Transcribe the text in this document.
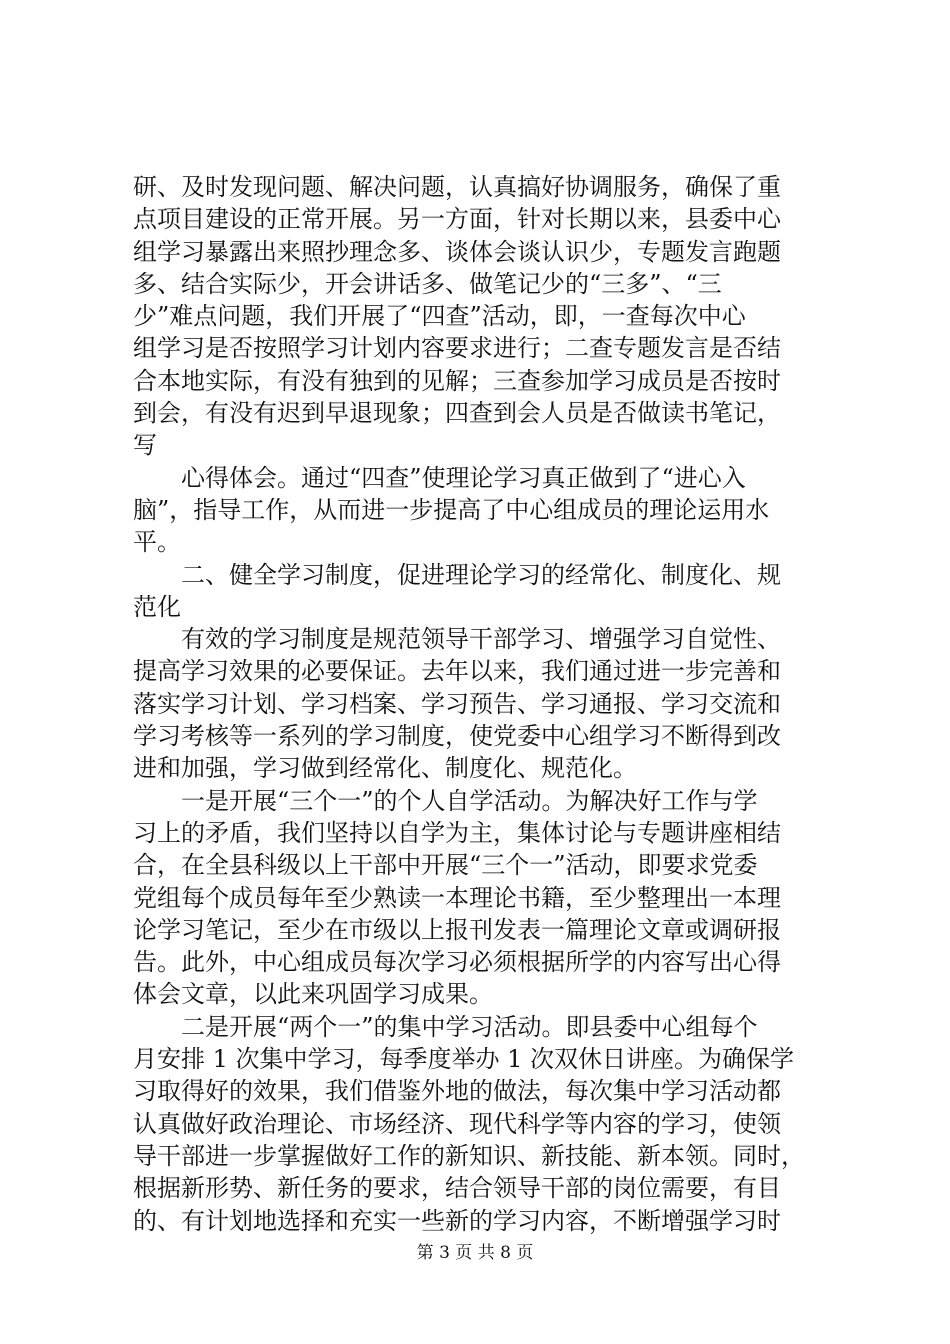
研、及时发现问题、解决问题，认真搞好协调服务，确保了重
点项目建设的正常开展。另一方面，针对长期以来，县委中心
组学习暴露出来照抄理念多、谈体会谈认识少，专题发言跑题
多、结合实际少，开会讲话多、做笔记少的“三多”、“三
少”难点问题，我们开展了“四查”活动，即，一查每次中心
组学习是否按照学习计划内容要求进行；二查专题发言是否结
合本地实际，有没有独到的见解；三查参加学习成员是否按时
到会，有没有迟到早退现象；四查到会人员是否做读书笔记，
写
　　心得体会。通过“四查”使理论学习真正做到了“进心入
脑”，指导工作，从而进一步提高了中心组成员的理论运用水
平。
　　二、健全学习制度，促进理论学习的经常化、制度化、规
范化
　　有效的学习制度是规范领导干部学习、增强学习自觉性、
提高学习效果的必要保证。去年以来，我们通过进一步完善和
落实学习计划、学习档案、学习预告、学习通报、学习交流和
学习考核等一系列的学习制度，使党委中心组学习不断得到改
进和加强，学习做到经常化、制度化、规范化。
　　一是开展“三个一”的个人自学活动。为解决好工作与学
习上的矛盾，我们坚持以自学为主，集体讨论与专题讲座相结
合，在全县科级以上干部中开展“三个一”活动，即要求党委
党组每个成员每年至少熟读一本理论书籍，至少整理出一本理
论学习笔记，至少在市级以上报刊发表一篇理论文章或调研报
告。此外，中心组成员每次学习必须根据所学的内容写出心得
体会文章，以此来巩固学习成果。
　　二是开展“两个一”的集中学习活动。即县委中心组每个
月安排 1 次集中学习，每季度举办 1 次双休日讲座。为确保学
习取得好的效果，我们借鉴外地的做法，每次集中学习活动都
认真做好政治理论、市场经济、现代科学等内容的学习，使领
导干部进一步掌握做好工作的新知识、新技能、新本领。同时，
根据新形势、新任务的要求，结合领导干部的岗位需要，有目
的、有计划地选择和充实一些新的学习内容，不断增强学习时
第 3 页 共 8 页
